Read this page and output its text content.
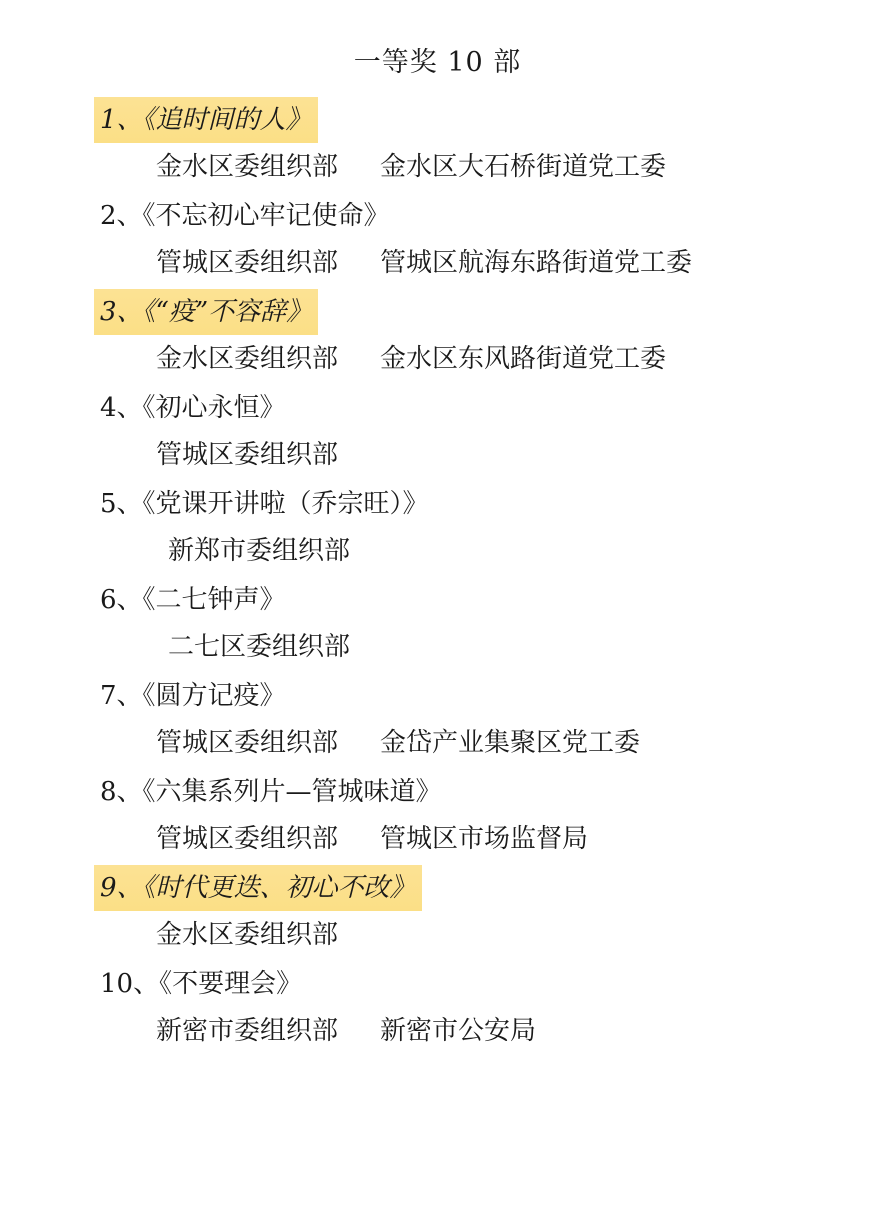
一等奖 10 部
1、《追时间的人》
金水区委组织部 金水区大石桥街道党工委
2、《不忘初心牢记使命》
管城区委组织部 管城区航海东路街道党工委
3、《“疫”不容辞》
金水区委组织部 金水区东风路街道党工委
4、《初心永恒》
管城区委组织部
5、《党课开讲啦（乔宗旺）》
新郑市委组织部
6、《二七钟声》
二七区委组织部
7、《圆方记疫》
管城区委组织部 金岱产业集聚区党工委
8、《六集系列片—管城味道》
管城区委组织部 管城区市场监督局
9、《时代更迭、初心不改》
金水区委组织部
10、《不要理会》
新密市委组织部 新密市公安局
